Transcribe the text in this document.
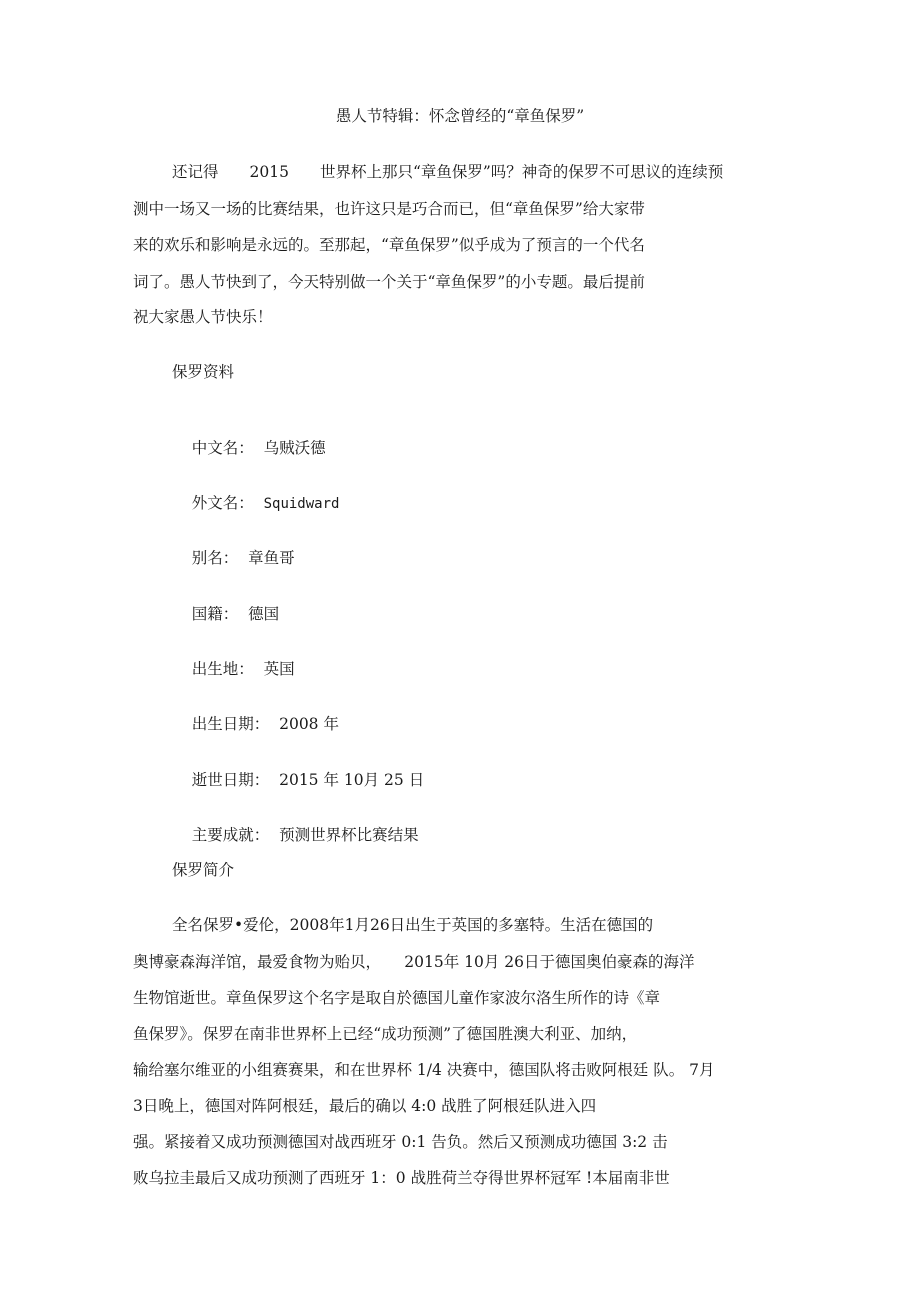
愚人节特辑：怀念曾经的“章鱼保罗”
还记得　　2015　　世界杯上那只“章鱼保罗”吗？神奇的保罗不可思议的连续预
测中一场又一场的比赛结果，也许这只是巧合而已，但“章鱼保罗”给大家带
来的欢乐和影响是永远的。至那起，“章鱼保罗”似乎成为了预言的一个代名
词了。愚人节快到了，今天特别做一个关于“章鱼保罗”的小专题。最后提前
祝大家愚人节快乐！
保罗资料

中文名： 乌贼沃德

外文名： Squidward

别名： 章鱼哥

国籍： 德国

出生地： 英国

出生日期： 2008 年

逝世日期： 2015 年 10月 25 日

主要成就： 预测世界杯比赛结果

保罗简介
全名保罗•爱伦，2008年1月26日出生于英国的多塞特。生活在德国的
奥博豪森海洋馆，最爱食物为贻贝，　　2015年 10月 26日于德国奥伯豪森的海洋
生物馆逝世。章鱼保罗这个名字是取自於德国儿童作家波尔洛生所作的诗《章
鱼保罗》。保罗在南非世界杯上已经“成功预测”了德国胜澳大利亚、加纳，
输给塞尔维亚的小组赛赛果，和在世界杯 1/4 决赛中，德国队将击败阿根廷 队。 7月
3日晚上，德国对阵阿根廷，最后的确以 4:0 战胜了阿根廷队进入四
强。紧接着又成功预测德国对战西班牙 0:1 告负。然后又预测成功德国 3:2 击
败乌拉圭最后又成功预测了西班牙 1：0 战胜荷兰夺得世界杯冠军 !本届南非世
